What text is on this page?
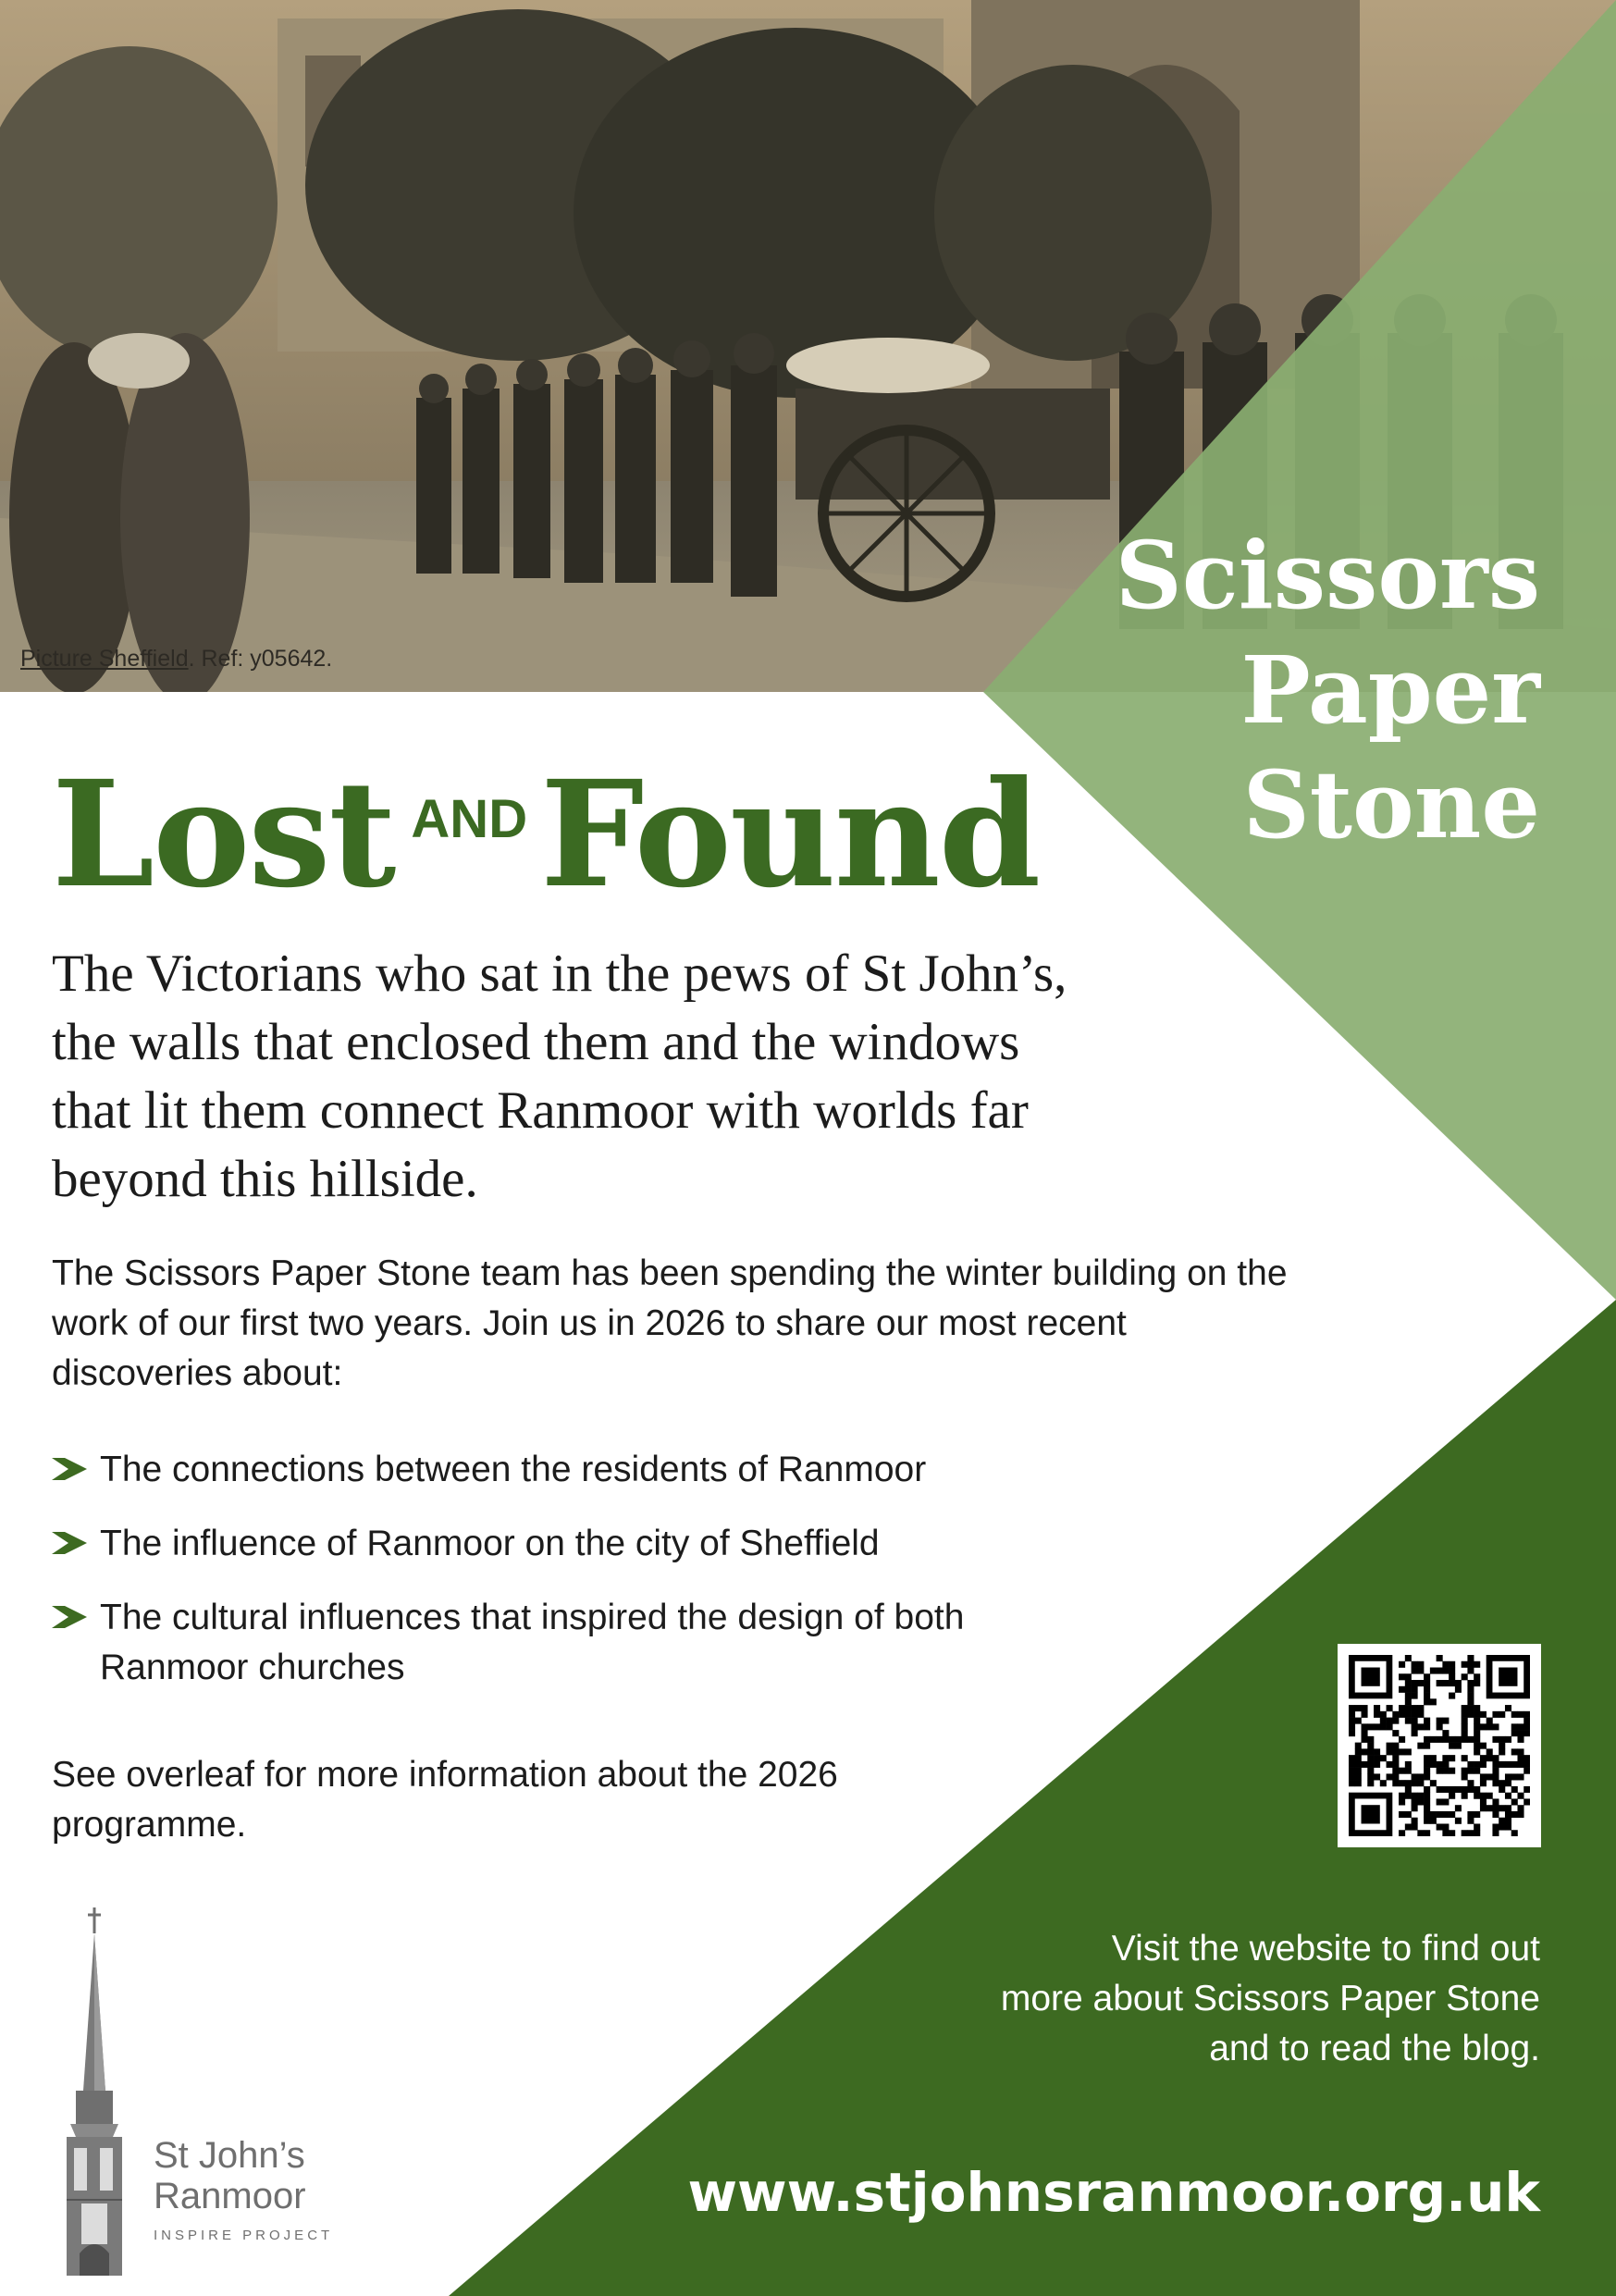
Picture Sheffield. Ref: y05642.
Scissors
Paper
Stone
Lost ANDFound
The Victorians who sat in the pews of St John’s,
the walls that enclosed them and the windows
that lit them connect Ranmoor with worlds far
beyond this hillside.
The Scissors Paper Stone team has been spending the winter building on the
work of our first two years. Join us in 2026 to share our most recent
discoveries about:
The connections between the residents of Ranmoor
The influence of Ranmoor on the city of Sheffield
The cultural influences that inspired the design of both
Ranmoor churches
See overleaf for more information about the 2026
programme.
Visit the website to find out
more about Scissors Paper Stone
and to read the blog.
www.stjohnsranmoor.org.uk
St John’s
Ranmoor
INSPIRE PROJECT
